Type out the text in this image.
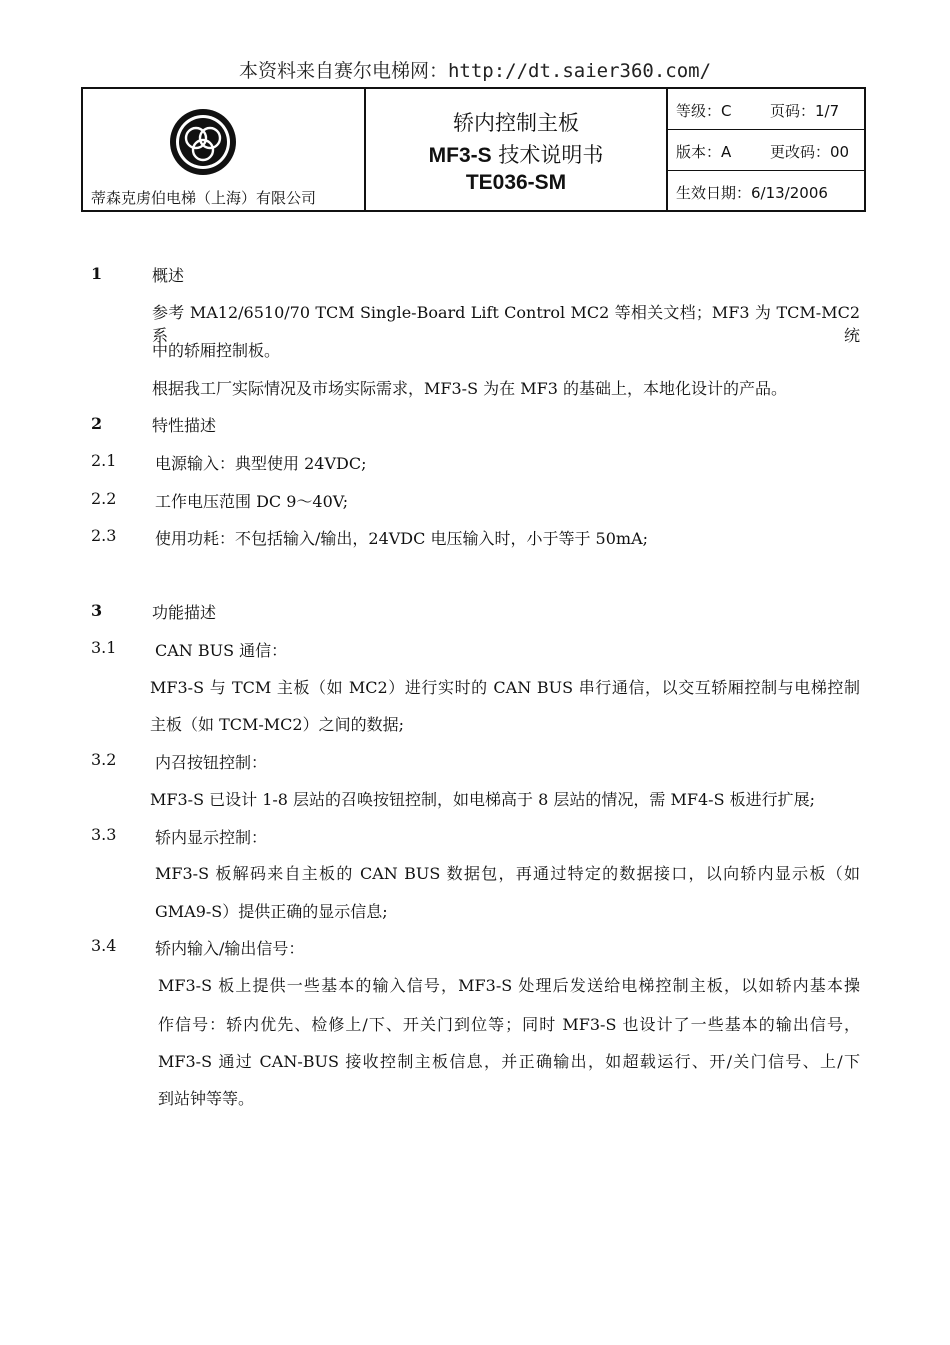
本资料来自赛尔电梯网：http://dt.saier360.com/
蒂森克虏伯电梯（上海）有限公司
轿内控制主板
MF3-S 技术说明书
TE036-SM
等级：C	页码：1/7
版本：A	更改码：00
生效日期：6/13/2006
1	概述
参考 MA12/6510/70 TCM Single-Board Lift Control MC2 等相关文档；MF3 为 TCM-MC2 系统
中的轿厢控制板。
根据我工厂实际情况及市场实际需求，MF3-S 为在 MF3 的基础上，本地化设计的产品。
2	特性描述
2.1 电源输入：典型使用 24VDC;
2.2 工作电压范围 DC 9～40V;
2.3 使用功耗：不包括输入/输出，24VDC 电压输入时，小于等于 50mA;
3	功能描述
3.1 CAN BUS 通信：
MF3-S 与 TCM 主板（如 MC2）进行实时的 CAN BUS 串行通信，以交互轿厢控制与电梯控制
主板（如 TCM-MC2）之间的数据;
3.2 内召按钮控制：
MF3-S 已设计 1-8 层站的召唤按钮控制，如电梯高于 8 层站的情况，需 MF4-S 板进行扩展;
3.3 轿内显示控制：
MF3-S 板解码来自主板的 CAN BUS 数据包，再通过特定的数据接口，以向轿内显示板（如
GMA9-S）提供正确的显示信息;
3.4 轿内输入/输出信号：
MF3-S 板上提供一些基本的输入信号，MF3-S 处理后发送给电梯控制主板，以如轿内基本操
作信号：轿内优先、检修上/下、开关门到位等；同时 MF3-S 也设计了一些基本的输出信号，
MF3-S 通过 CAN-BUS 接收控制主板信息，并正确输出，如超载运行、开/关门信号、上/下
到站钟等等。
